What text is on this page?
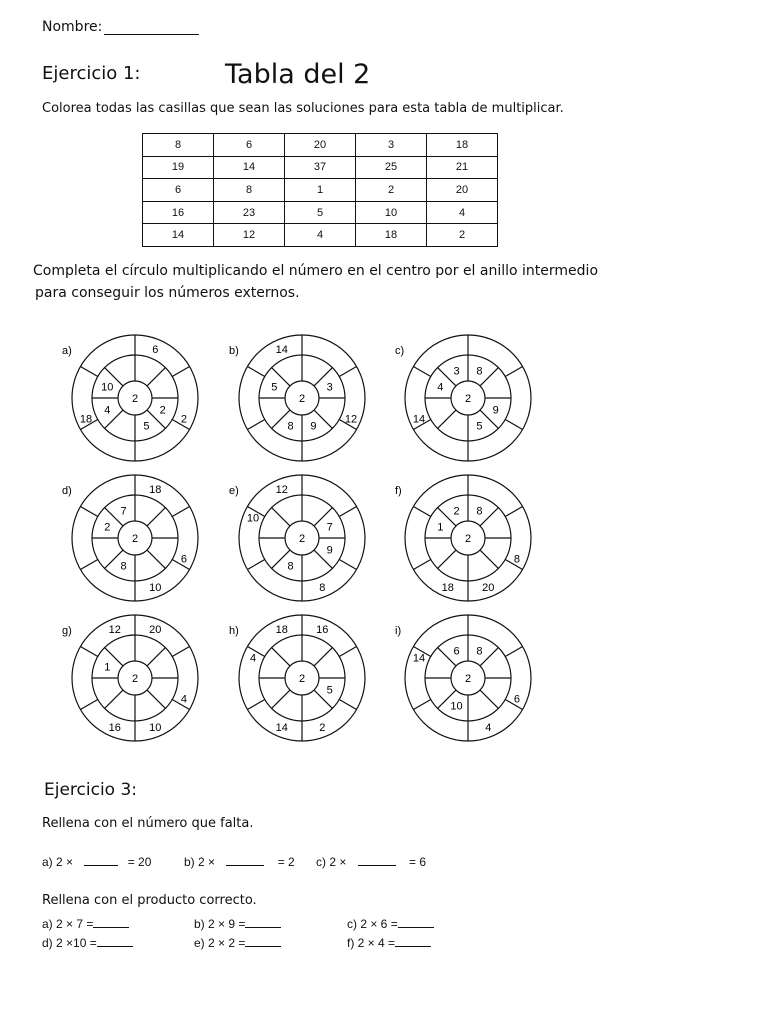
Nombre:
Ejercicio 1:	Tabla del 2
Colorea todas las casillas que sean las soluciones para esta tabla de multiplicar.
8	6	20	3	18
19	14	37	25	21
6	8	1	2	20
16	23	5	10	4
14	12	4	18	2
Completa el círculo multiplicando el número en el centro por el anillo intermedio
para conseguir los números externos.
a)
2
2
5
4
10
6
2
18
b)
2
3
9
8
5
12
14	c)
2
8
9
5
4
3
14
d)
2
8
2
7
18
6
10
e)
2
7
9
8
8
10
12	f)
2
8
1
2
8
20
18
g)
2
1
20
4
10
16
12	h)
2
5
16
2
14
4
18	i)
2
8
10
6
6
4
14
Ejercicio 3:
Rellena con el número que falta.
a) 2 ×	= 20	b) 2 ×	= 2 c) 2 ×	= 6
Rellena con el producto correcto.
a) 2 × 7 =	b) 2 × 9 =	c) 2 × 6 =
d) 2 ×10 =	e) 2 × 2 =	f) 2 × 4 =
